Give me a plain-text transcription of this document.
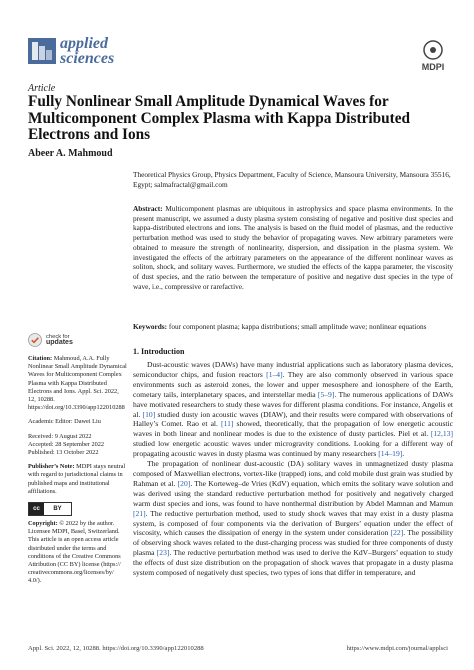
applied
sciences	MDPI
Article
Fully Nonlinear Small Amplitude Dynamical Waves for Multicomponent Complex Plasma with Kappa Distributed Electrons and Ions
Abeer A. Mahmoud
Theoretical Physics Group, Physics Department, Faculty of Science, Mansoura University, Mansoura 35516, Egypt; salmafractal@gmail.com
Abstract: Multicomponent plasmas are ubiquitous in astrophysics and space plasma environments. In the present manuscript, we assumed a dusty plasma system consisting of negative and positive dust species and kappa-distributed electrons and ions. The analysis is based on the fluid model of plasmas, and the reductive perturbation method was used to study the behavior of propagating waves. New arbitrary parameters were obtained to measure the strength of nonlinearity, dispersion, and dissipation in the plasma system. We investigated the effects of the arbitrary parameters on the appearance of the different nonlinear waves as soliton, shock, and solitary waves. Furthermore, we studied the effects of the kappa parameter, the viscosity of dust species, and the ratio between the temperature of positive and negative dust species in the type of wave, i.e., compressive or rarefactive.
Keywords: four component plasma; kappa distributions; small amplitude wave; nonlinear equations
check for
updates
Citation: Mahmoud, A.A. Fully Nonlinear Small Amplitude Dynamical Waves for Multicomponent Complex Plasma with Kappa Distributed Electrons and Ions. Appl. Sci. 2022, 12, 10288. https://doi.org/10.3390/app122010288
Academic Editor: Dawei Liu
Received: 9 August 2022
Accepted: 28 September 2022
Published: 13 October 2022
Publisher’s Note: MDPI stays neutral with regard to jurisdictional claims in published maps and institutional affiliations.
cc	BY
Copyright: © 2022 by the author. Licensee MDPI, Basel, Switzerland. This article is an open access article distributed under the terms and conditions of the Creative Commons Attribution (CC BY) license (https:// creativecommons.org/licenses/by/ 4.0/).
1. Introduction

Dust-acoustic waves (DAWs) have many industrial applications such as laboratory plasma devices, semiconductor chips, and fusion reactors [1–4]. They are also commonly observed in various space environments such as asteroid zones, the lower and upper mesosphere and ionosphere of the Earth, cometary tails, interplanetary spaces, and interstellar media [5–9]. The numerous applications of DAWs have motivated researchers to study these waves for different plasma conditions. For instance, Angelis et al. [10] studied dusty ion acoustic waves (DIAW), and their results were compared with observations of Halley’s Comet. Rao et al. [11] showed, theoretically, that the propagation of low energetic acoustic waves in both linear and nonlinear modes is due to the existence of dusty particles. Piel et al. [12,13] studied low energetic acoustic waves under microgravity conditions. Looking for a different way of propagating acoustic waves in dusty plasma was continued by many researchers [14–19].

The propagation of nonlinear dust-acoustic (DA) solitary waves in unmagnetized dusty plasma composed of Maxwellian electrons, vortex-like (trapped) ions, and cold mobile dust grain was studied by Rahman et al. [20]. The Korteweg–de Vries (KdV) equation, which emits the solitary wave solution and was derived using the standard reductive perturbation method for positively and negatively charged warm dust species and ions, was found to have nonthermal distribution by Abdel Mamnan and Mamun [21]. The reductive perturbation method, used to study shock waves that may exist in a dusty plasma system, is composed of four components via the derivation of Burgers’ equation under the effect of viscosity, which causes the dissipation of energy in the system under consideration [22]. The possibility of observing shock waves related to the dust-charging process was studied for three components of dusty plasma [23]. The reductive perturbation method was used to derive the KdV–Burgers’ equation to study the effects of dust size distribution on the propagation of shock waves that propagate in a dusty plasma system composed of negatively dust species, two types of ions that differ in temperature, and

Appl. Sci. 2022, 12, 10288. https://doi.org/10.3390/app122010288	https://www.mdpi.com/journal/applsci
